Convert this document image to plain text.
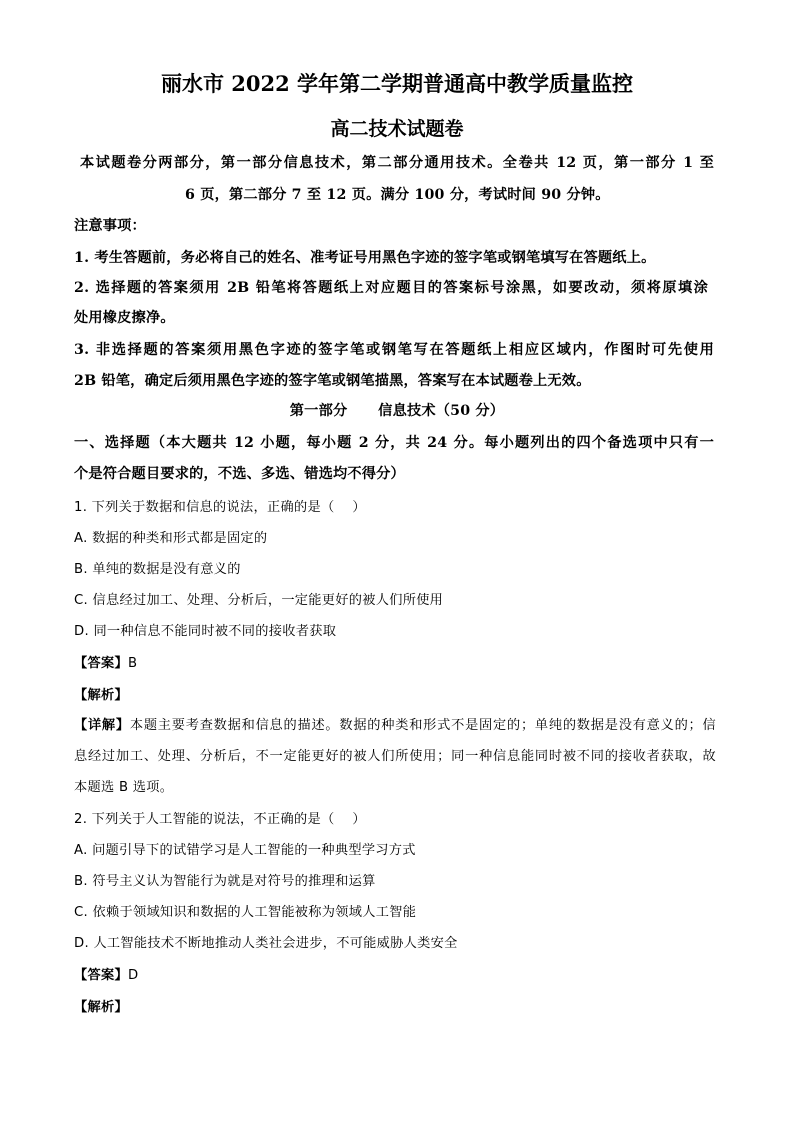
丽水市 2022 学年第二学期普通高中教学质量监控
高二技术试题卷
本试题卷分两部分，第一部分信息技术，第二部分通用技术。全卷共 12 页，第一部分 1 至
6 页，第二部分 7 至 12 页。满分 100 分，考试时间 90 分钟。
注意事项：
1. 考生答题前，务必将自己的姓名、准考证号用黑色字迹的签字笔或钢笔填写在答题纸上。
2. 选择题的答案须用 2B 铅笔将答题纸上对应题目的答案标号涂黑，如要改动，须将原填涂
处用橡皮擦净。
3. 非选择题的答案须用黑色字迹的签字笔或钢笔写在答题纸上相应区域内，作图时可先使用
2B 铅笔，确定后须用黑色字迹的签字笔或钢笔描黑，答案写在本试题卷上无效。
第一部分      信息技术（50 分）
一、选择题（本大题共 12 小题，每小题 2 分，共 24 分。每小题列出的四个备选项中只有一
个是符合题目要求的，不选、多选、错选均不得分）
1. 下列关于数据和信息的说法，正确的是（    ）
A. 数据的种类和形式都是固定的
B. 单纯的数据是没有意义的
C. 信息经过加工、处理、分析后，一定能更好的被人们所使用
D. 同一种信息不能同时被不同的接收者获取
【答案】B
【解析】
【详解】本题主要考查数据和信息的描述。数据的种类和形式不是固定的；单纯的数据是没有意义的；信
息经过加工、处理、分析后，不一定能更好的被人们所使用；同一种信息能同时被不同的接收者获取，故
本题选 B 选项。
2. 下列关于人工智能的说法，不正确的是（    ）
A. 问题引导下的试错学习是人工智能的一种典型学习方式
B. 符号主义认为智能行为就是对符号的推理和运算
C. 依赖于领域知识和数据的人工智能被称为领域人工智能
D. 人工智能技术不断地推动人类社会进步，不可能威胁人类安全
【答案】D
【解析】
